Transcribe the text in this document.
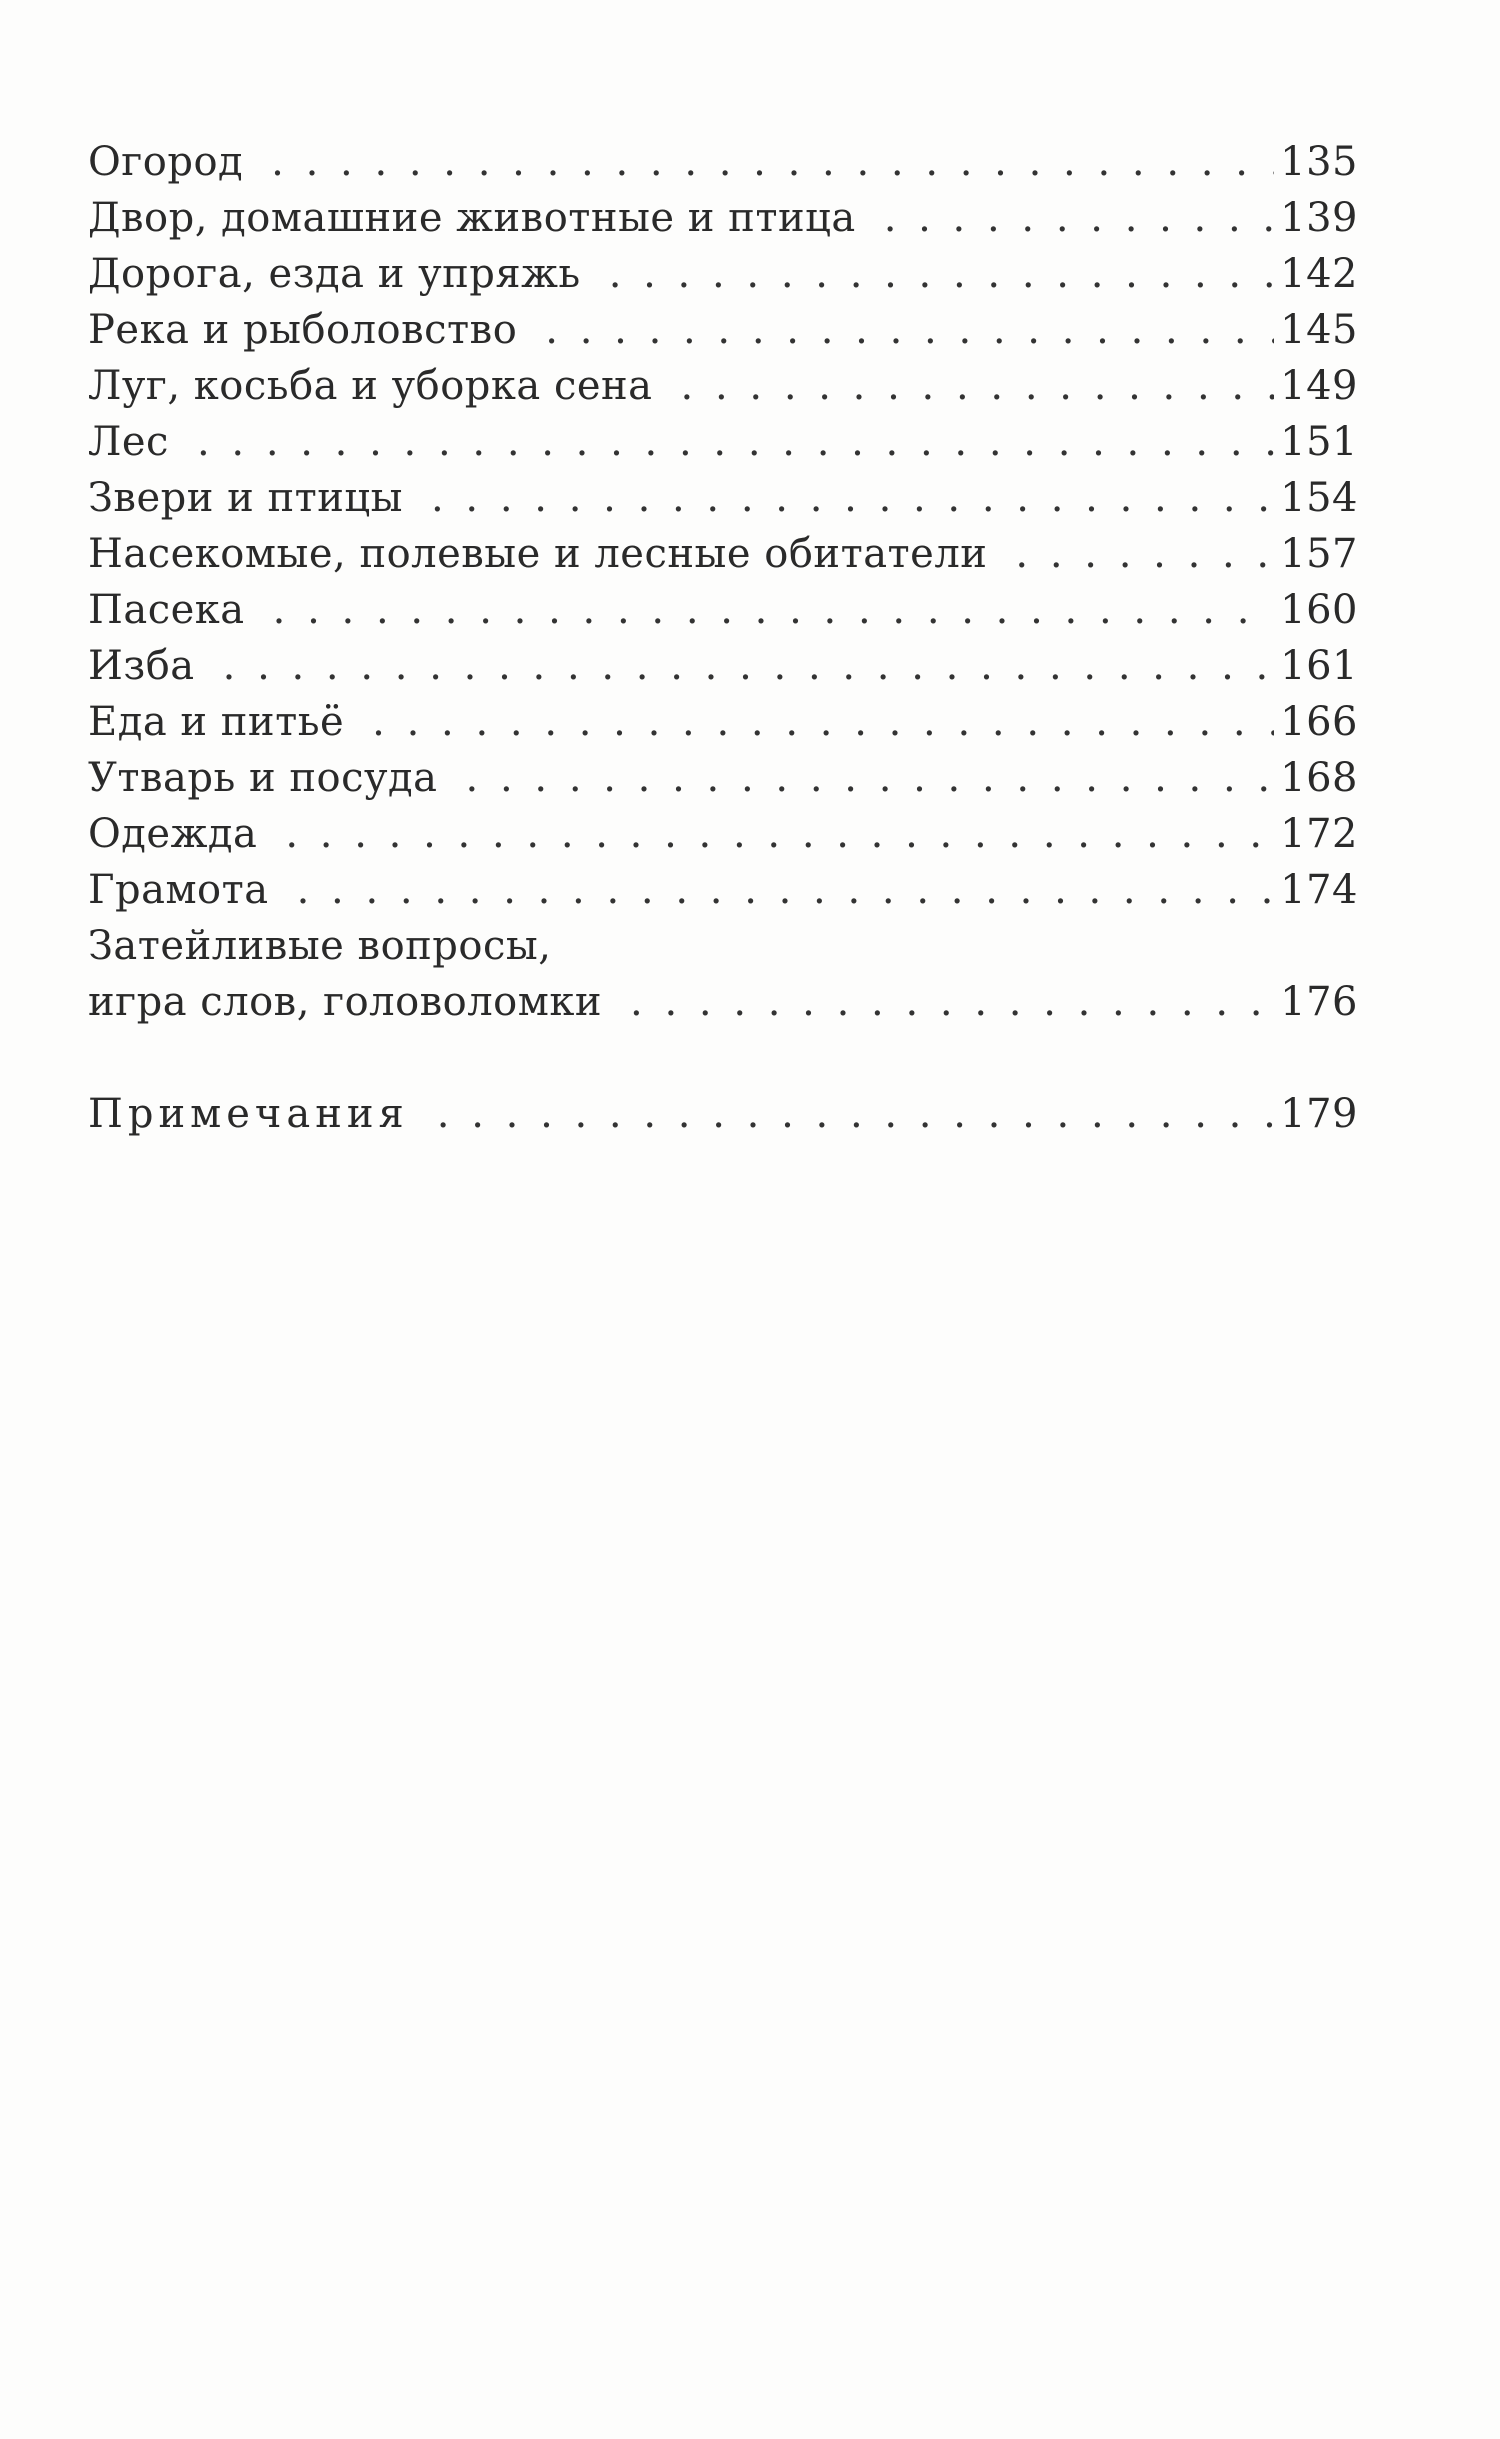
Огород . . .	135
Двор, домашние животные и птица . . .	139
Дорога, езда и упряжь . . .	142
Река и рыболовство . . .	145
Луг, косьба и уборка сена . . .	149
Лес . . .	151
Звери и птицы . . .	154
Насекомые, полевые и лесные обитатели . . .	157
Пасека . . .	160
Изба . . .	161
Еда и питьё . . .	166
Утварь и посуда . . .	168
Одежда . . .	172
Грамота . . .	174
Затейливые вопросы,
игра слов, головоломки . . .	176
Примечания . . .	179
